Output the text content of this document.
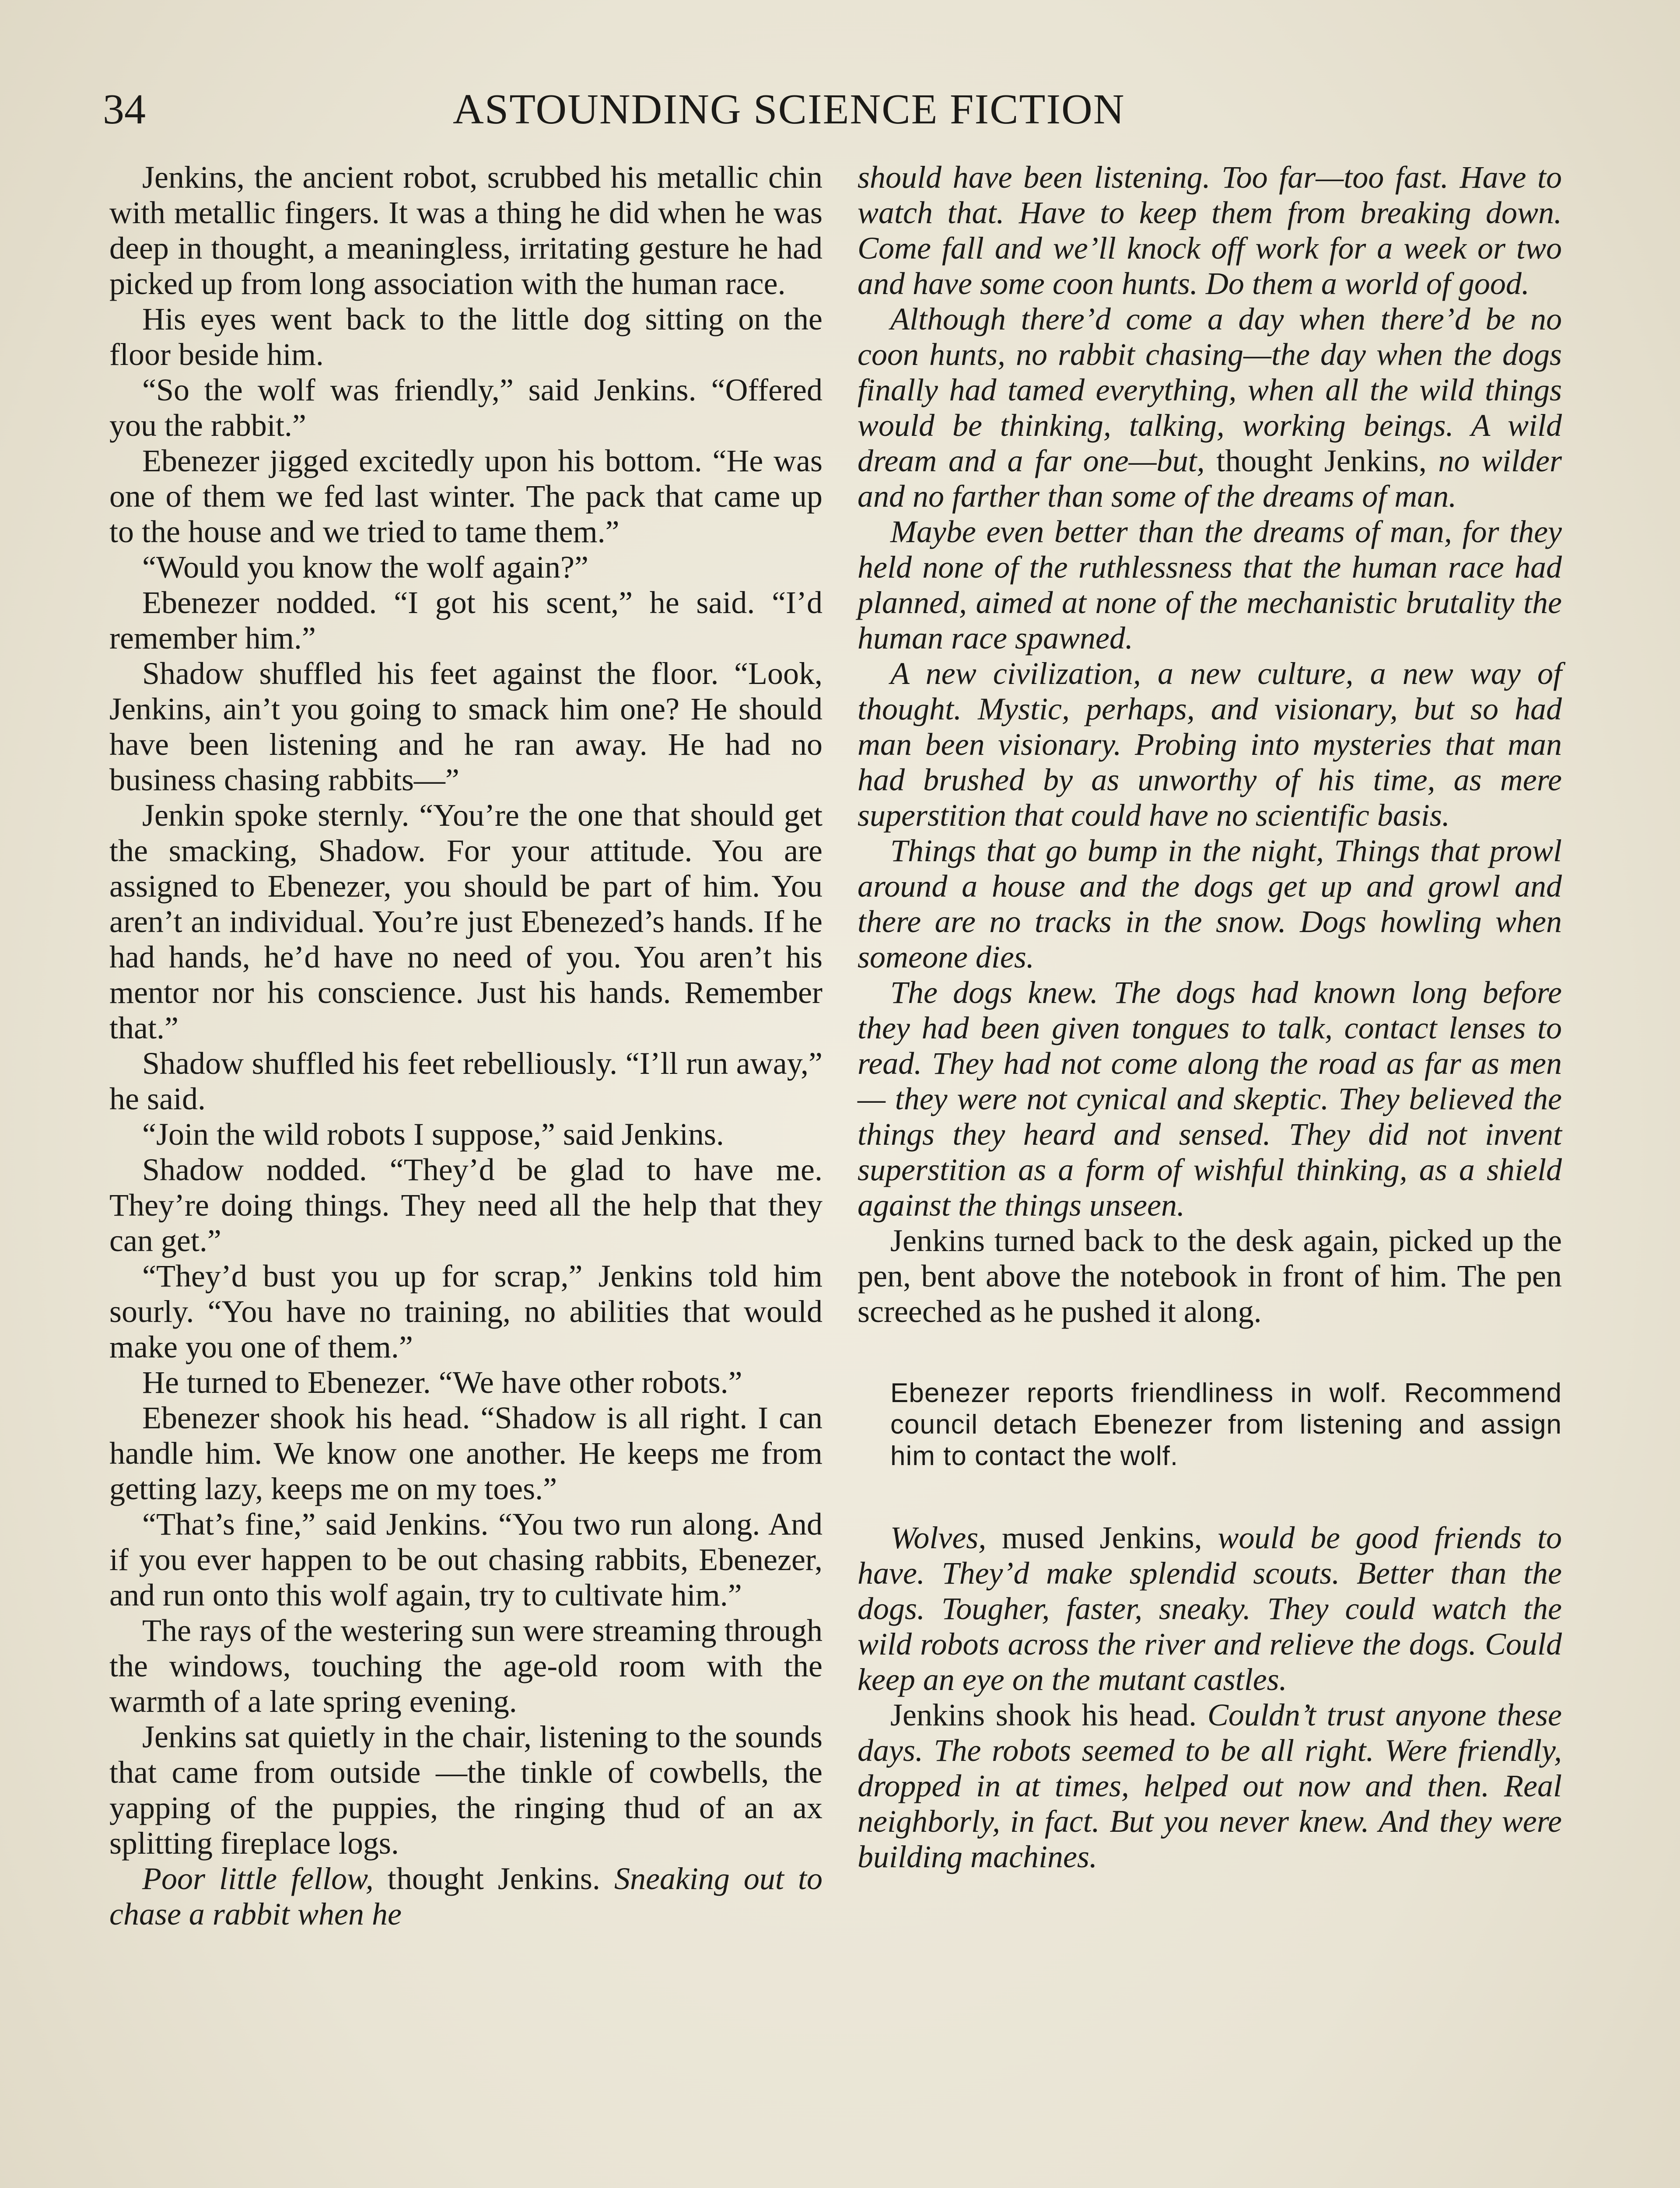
34	ASTOUNDING SCIENCE FICTION

Jenkins, the ancient robot, scrubbed his metallic chin with metallic fingers. It was a thing he did when he was deep in thought, a meaningless, irritating gesture he had picked up from long association with the human race.

His eyes went back to the little dog sitting on the floor beside him.

“So the wolf was friendly,” said Jenkins. “Offered you the rabbit.”

Ebenezer jigged excitedly upon his bottom. “He was one of them we fed last winter. The pack that came up to the house and we tried to tame them.”

“Would you know the wolf again?”

Ebenezer nodded. “I got his scent,” he said. “I’d remember him.”

Shadow shuffled his feet against the floor. “Look, Jenkins, ain’t you going to smack him one? He should have been listening and he ran away. He had no business chasing rabbits—”

Jenkin spoke sternly. “You’re the one that should get the smacking, Shadow. For your attitude. You are assigned to Ebenezer, you should be part of him. You aren’t an individual. You’re just Ebenezed’s hands. If he had hands, he’d have no need of you. You aren’t his mentor nor his conscience. Just his hands. Remember that.”

Shadow shuffled his feet rebelliously. “I’ll run away,” he said.

“Join the wild robots I suppose,” said Jenkins.

Shadow nodded. “They’d be glad to have me. They’re doing things. They need all the help that they can get.”

“They’d bust you up for scrap,” Jenkins told him sourly. “You have no training, no abilities that would make you one of them.”

He turned to Ebenezer. “We have other robots.”

Ebenezer shook his head. “Shadow is all right. I can handle him. We know one another. He keeps me from getting lazy, keeps me on my toes.”

“That’s fine,” said Jenkins. “You two run along. And if you ever happen to be out chasing rabbits, Ebenezer, and run onto this wolf again, try to cultivate him.”

The rays of the westering sun were streaming through the windows, touching the age-old room with the warmth of a late spring evening.

Jenkins sat quietly in the chair, listening to the sounds that came from outside —the tinkle of cowbells, the yapping of the puppies, the ringing thud of an ax splitting fireplace logs.

Poor little fellow, thought Jenkins. Sneaking out to chase a rabbit when he

should have been listening. Too far—too fast. Have to watch that. Have to keep them from breaking down. Come fall and we’ll knock off work for a week or two and have some coon hunts. Do them a world of good.

Although there’d come a day when there’d be no coon hunts, no rabbit chasing—the day when the dogs finally had tamed everything, when all the wild things would be thinking, talking, working beings. A wild dream and a far one—but, thought Jenkins, no wilder and no farther than some of the dreams of man.

Maybe even better than the dreams of man, for they held none of the ruthlessness that the human race had planned, aimed at none of the mechanistic brutality the human race spawned.

A new civilization, a new culture, a new way of thought. Mystic, perhaps, and visionary, but so had man been visionary. Probing into mysteries that man had brushed by as unworthy of his time, as mere superstition that could have no scientific basis.

Things that go bump in the night, Things that prowl around a house and the dogs get up and growl and there are no tracks in the snow. Dogs howling when someone dies.

The dogs knew. The dogs had known long before they had been given tongues to talk, contact lenses to read. They had not come along the road as far as men— they were not cynical and skeptic. They believed the things they heard and sensed. They did not invent superstition as a form of wishful thinking, as a shield against the things unseen.

Jenkins turned back to the desk again, picked up the pen, bent above the notebook in front of him. The pen screeched as he pushed it along.

Ebenezer reports friendliness in wolf. Recommend council detach Ebenezer from listening and assign him to contact the wolf.

Wolves, mused Jenkins, would be good friends to have. They’d make splendid scouts. Better than the dogs. Tougher, faster, sneaky. They could watch the wild robots across the river and relieve the dogs. Could keep an eye on the mutant castles.

Jenkins shook his head. Couldn’t trust anyone these days. The robots seemed to be all right. Were friendly, dropped in at times, helped out now and then. Real neighborly, in fact. But you never knew. And they were building machines.
